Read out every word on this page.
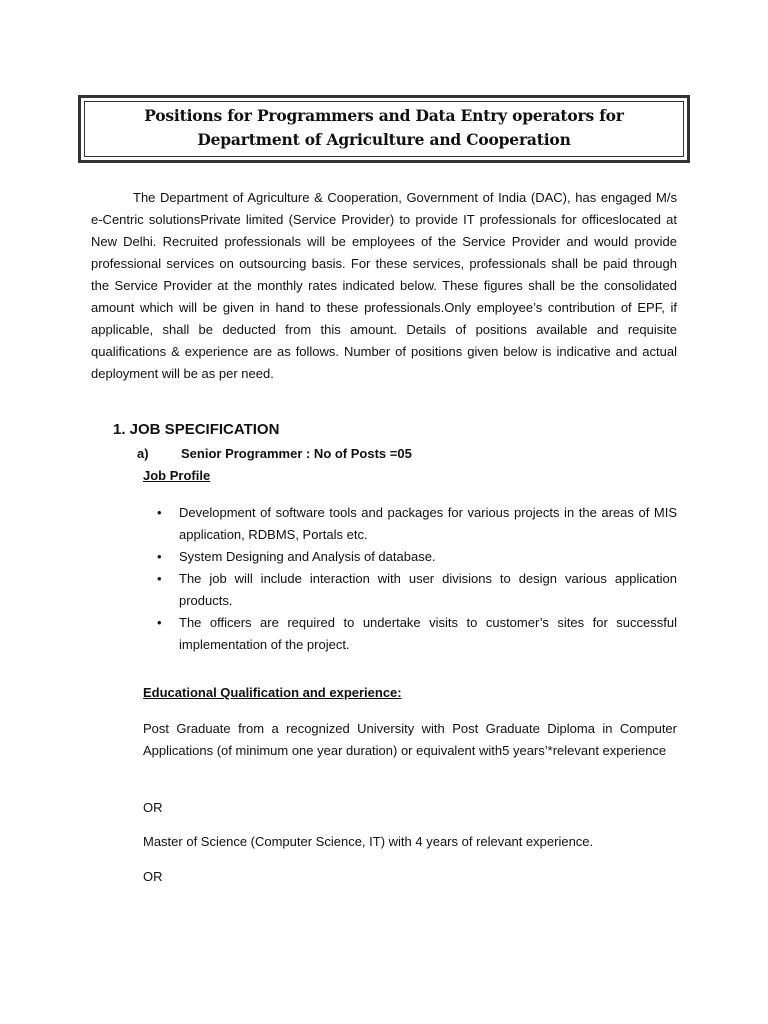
Positions for Programmers and Data Entry operators for
Department of Agriculture and Cooperation

The Department of Agriculture & Cooperation, Government of India (DAC), has engaged M/s e-Centric solutionsPrivate limited (Service Provider) to provide IT professionals for officeslocated at New Delhi. Recruited professionals will be employees of the Service Provider and would provide professional services on outsourcing basis. For these services, professionals shall be paid through the Service Provider at the monthly rates indicated below. These figures shall be the consolidated amount which will be given in hand to these professionals.Only employee’s contribution of EPF, if applicable, shall be deducted from this amount. Details of positions available and requisite qualifications & experience are as follows. Number of positions given below is indicative and actual deployment will be as per need.

1. JOB SPECIFICATION
a) Senior Programmer : No of Posts =05
Job Profile
• Development of software tools and packages for various projects in the areas of MIS application, RDBMS, Portals etc.
• System Designing and Analysis of database.
• The job will include interaction with user divisions to design various application products.
• The officers are required to undertake visits to customer’s sites for successful implementation of the project.
Educational Qualification and experience:

Post Graduate from a recognized University with Post Graduate Diploma in Computer Applications (of minimum one year duration) or equivalent with5 years’*relevant experience

OR

Master of Science (Computer Science, IT) with 4 years of relevant experience.

OR
